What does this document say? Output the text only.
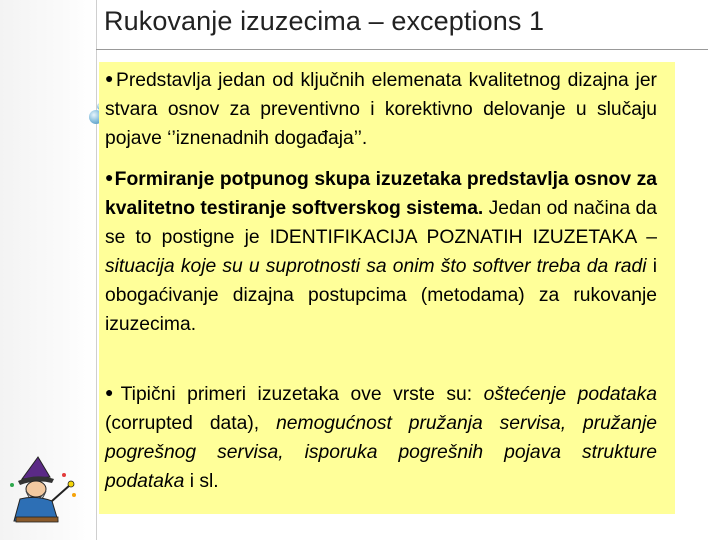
Rukovanje izuzecima – exceptions 1
●Predstavlja jedan od ključnih elemenata kvalitetnog dizajna jer stvara osnov za preventivno i korektivno delovanje u slučaju pojave ‘’iznenadnih događaja’’.
●Formiranje potpunog skupa izuzetaka predstavlja osnov za kvalitetno testiranje softverskog sistema. Jedan od načina da se to postigne je IDENTIFIKACIJA POZNATIH IZUZETAKA – situacija koje su u suprotnosti sa onim što softver treba da radi i obogaćivanje dizajna postupcima (metodama) za rukovanje izuzecima.
●Tipični primeri izuzetaka ove vrste su: oštećenje podataka (corrupted data), nemogućnost pružanja servisa, pružanje pogrešnog servisa, isporuka pogrešnih pojava strukture podataka i sl.
